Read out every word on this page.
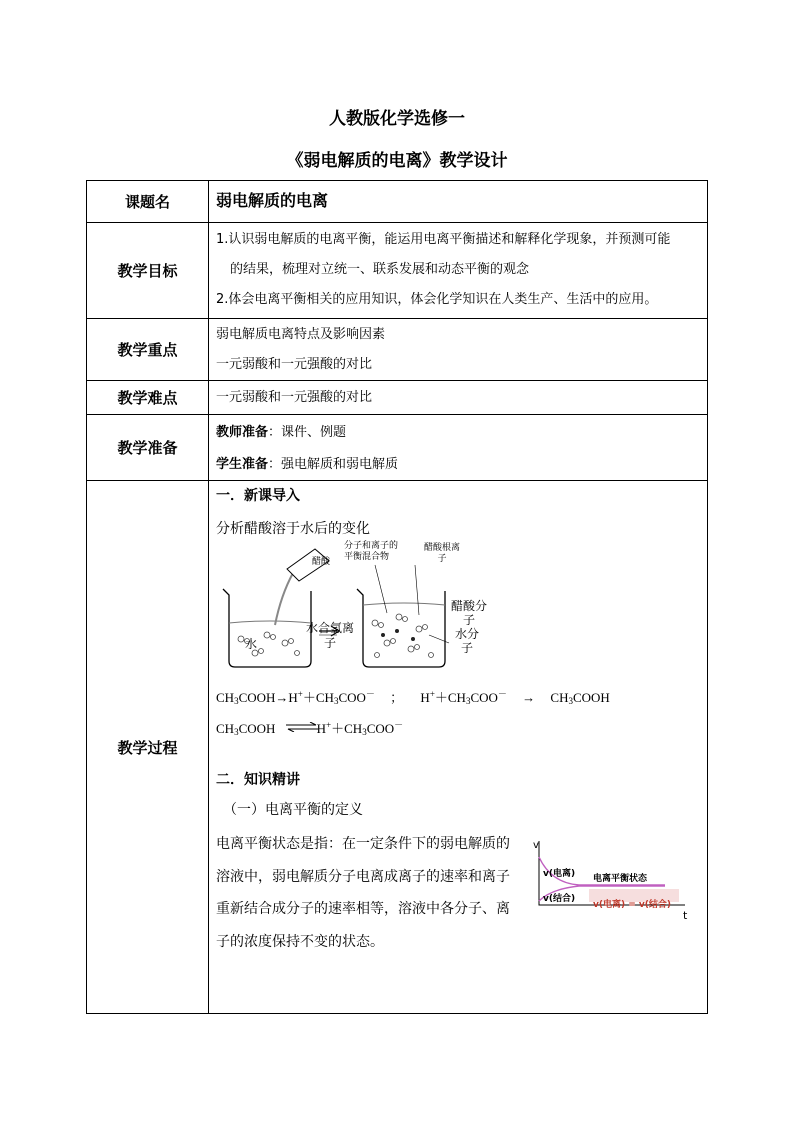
人教版化学选修一
《弱电解质的电离》教学设计
课题名	弱电解质的电离
教学目标
1.认识弱电解质的电离平衡，能运用电离平衡描述和解释化学现象，并预测可能
的结果，梳理对立统一、联系发展和动态平衡的观念
2.体会电离平衡相关的应用知识，体会化学知识在人类生产、生活中的应用。
教学重点
弱电解质电离特点及影响因素
一元弱酸和一元强酸的对比
教学难点	一元弱酸和一元强酸的对比
教学准备
教师准备：课件、例题
学生准备：强电解质和弱电解质
教学过程
一．新课导入
分析醋酸溶于水后的变化
醋酸
分子和离子的
平衡混合物
醋酸根离
子
水
水合氢离
子
醋酸分
子
水分
子
$CH_3COOH\to H^++CH_3COO^-$ ； $H^++CH_3COO^-$ → $CH_3COOH$
$CH_3COOH$ $\rightleftharpoons H^++CH_3COO^-$
二．知识精讲
（一）电离平衡的定义
电离平衡状态是指：在一定条件下的弱电解质的
溶液中，弱电解质分子电离成离子的速率和离子
重新结合成分子的速率相等，溶液中各分子、离
子的浓度保持不变的状态。
v
t
v(电离)
v(结合)
电离平衡状态
v(电离) = v(结合)
